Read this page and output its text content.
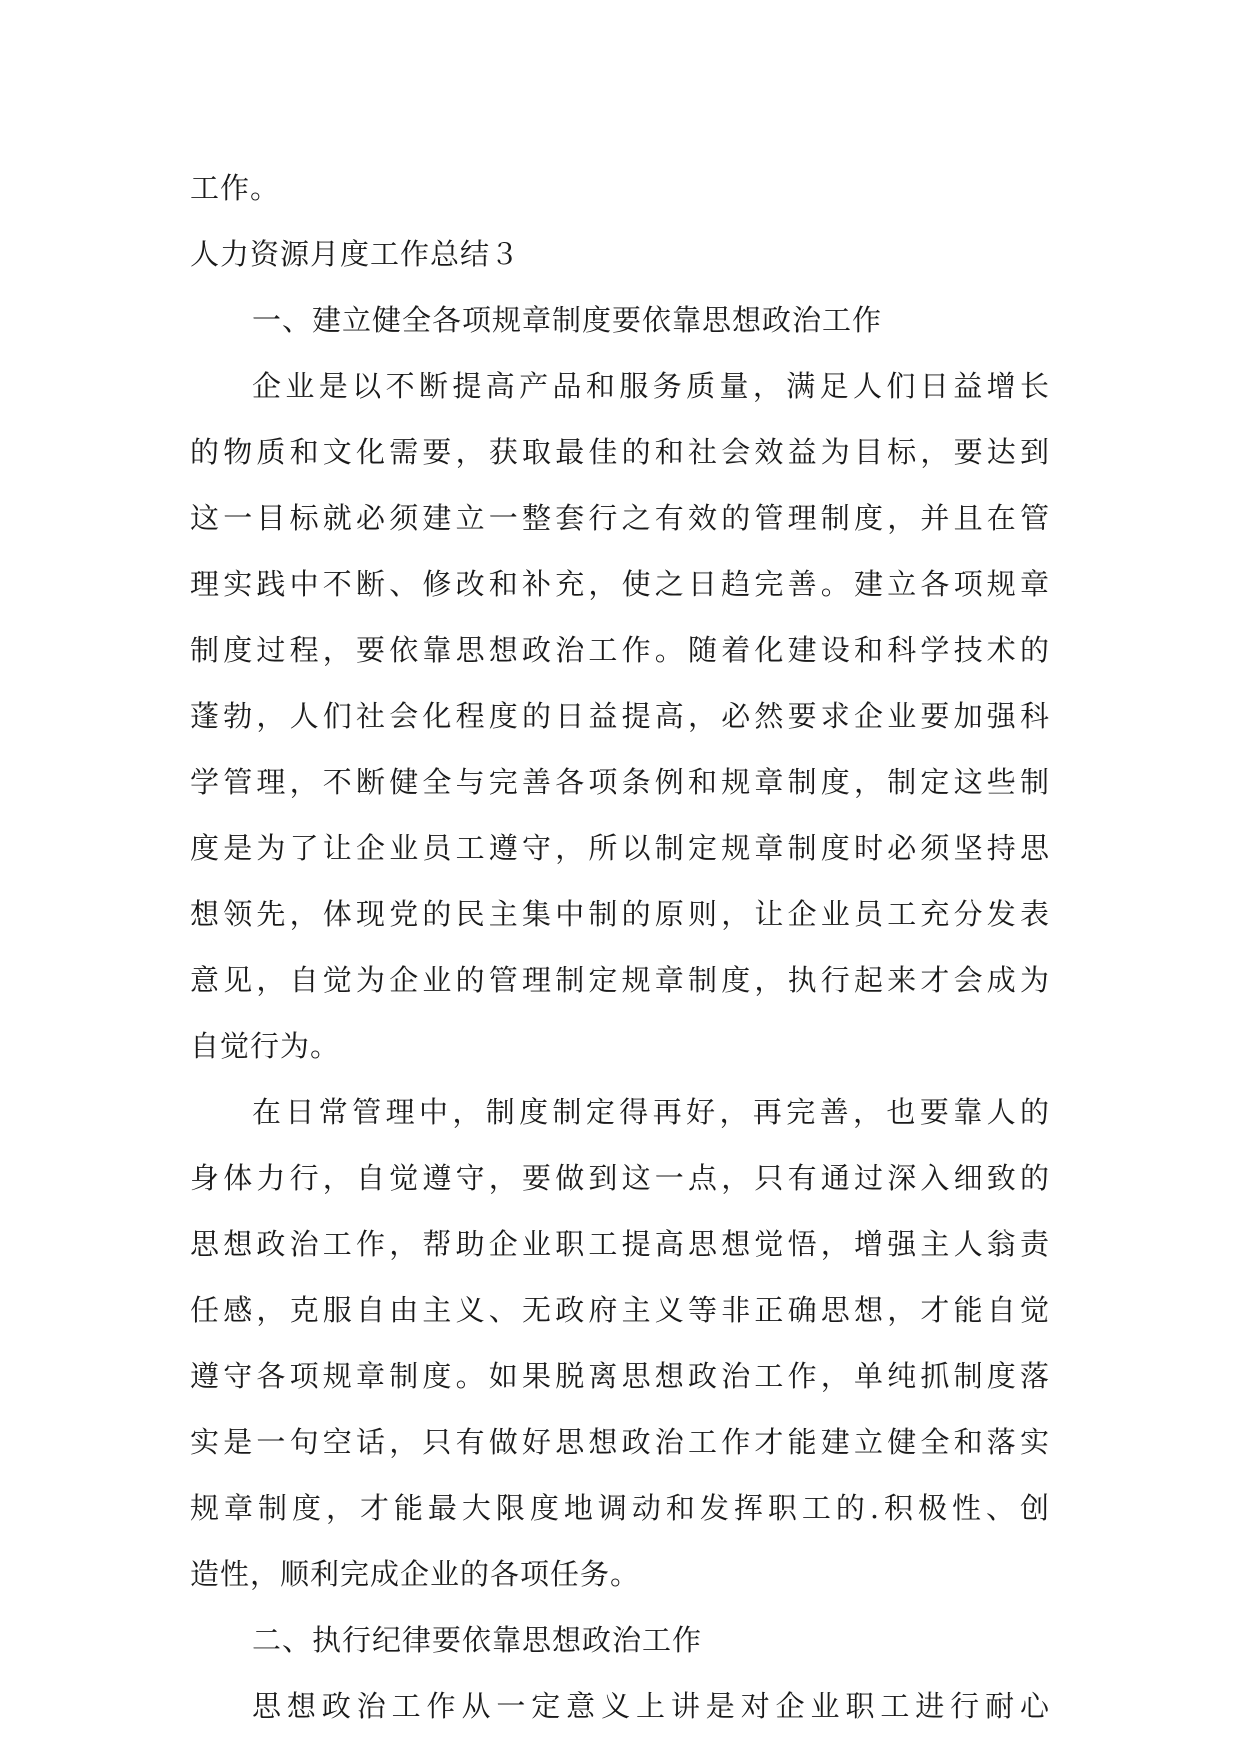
工作。

人力资源月度工作总结３

一、建立健全各项规章制度要依靠思想政治工作

企业是以不断提高产品和服务质量，满足人们日益增长

的物质和文化需要，获取最佳的和社会效益为目标，要达到

这一目标就必须建立一整套行之有效的管理制度，并且在管

理实践中不断、修改和补充，使之日趋完善。建立各项规章

制度过程，要依靠思想政治工作。随着化建设和科学技术的

蓬勃，人们社会化程度的日益提高，必然要求企业要加强科

学管理，不断健全与完善各项条例和规章制度，制定这些制

度是为了让企业员工遵守，所以制定规章制度时必须坚持思

想领先，体现党的民主集中制的原则，让企业员工充分发表

意见，自觉为企业的管理制定规章制度，执行起来才会成为

自觉行为。

在日常管理中，制度制定得再好，再完善，也要靠人的

身体力行，自觉遵守，要做到这一点，只有通过深入细致的

思想政治工作，帮助企业职工提高思想觉悟，增强主人翁责

任感，克服自由主义、无政府主义等非正确思想，才能自觉

遵守各项规章制度。如果脱离思想政治工作，单纯抓制度落

实是一句空话，只有做好思想政治工作才能建立健全和落实

规章制度，才能最大限度地调动和发挥职工的.积极性、创

造性，顺利完成企业的各项任务。

二、执行纪律要依靠思想政治工作

思想政治工作从一定意义上讲是对企业职工进行耐心
